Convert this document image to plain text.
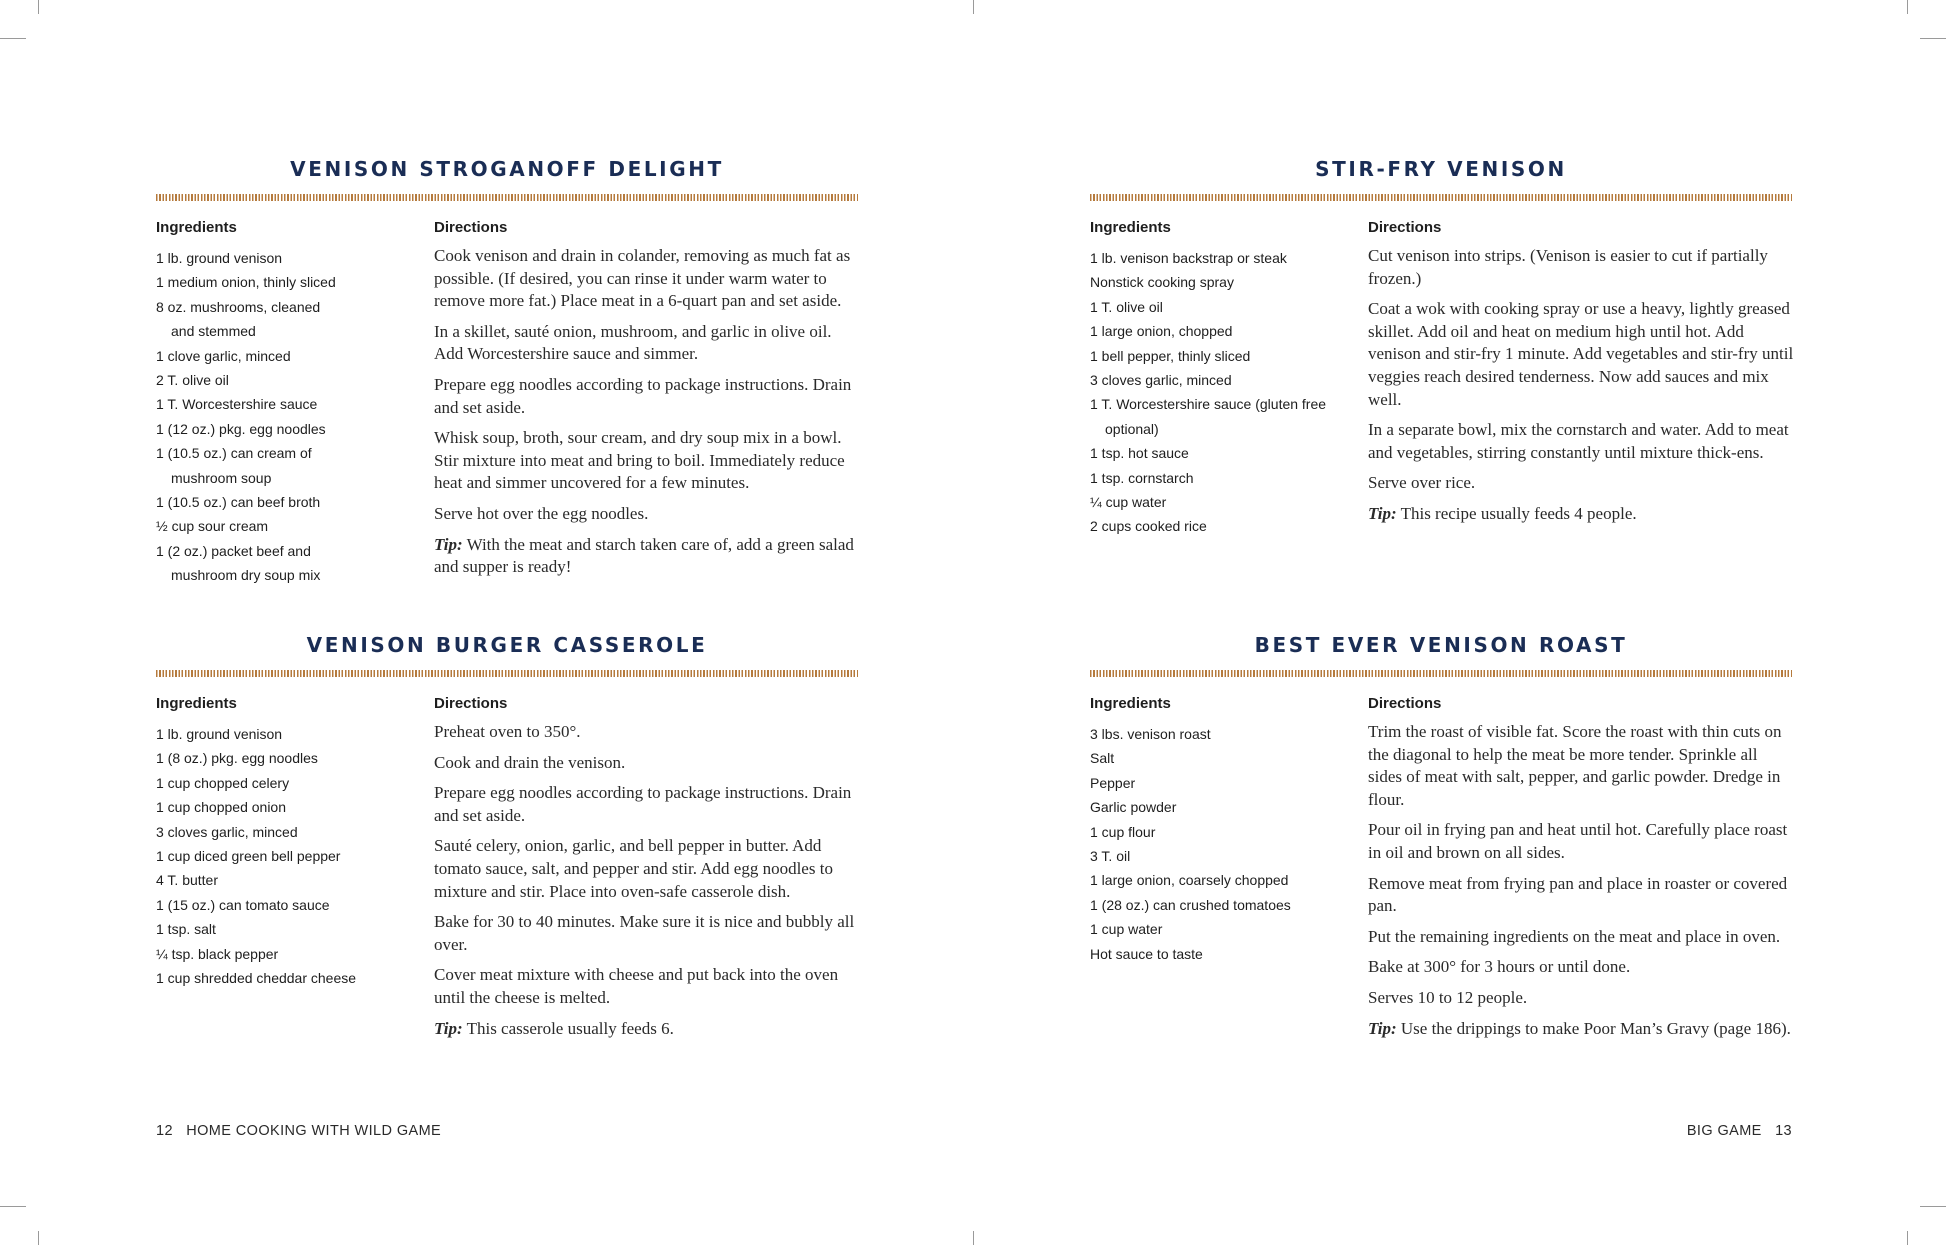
VENISON STROGANOFF DELIGHT
Ingredients
1 lb. ground venison
1 medium onion, thinly sliced
8 oz. mushrooms, cleaned
and stemmed
1 clove garlic, minced
2 T. olive oil
1 T. Worcestershire sauce
1 (12 oz.) pkg. egg noodles
1 (10.5 oz.) can cream of
mushroom soup
1 (10.5 oz.) can beef broth
½ cup sour cream
1 (2 oz.) packet beef and
mushroom dry soup mix
Directions

Cook venison and drain in colander, removing as much fat as possible. (If desired, you can rinse it under warm water to remove more fat.) Place meat in a 6-quart pan and set aside.

In a skillet, sauté onion, mushroom, and garlic in olive oil. Add Worcestershire sauce and simmer.

Prepare egg noodles according to package instructions. Drain and set aside.

Whisk soup, broth, sour cream, and dry soup mix in a bowl. Stir mixture into meat and bring to boil. Immediately reduce heat and simmer uncovered for a few minutes.

Serve hot over the egg noodles.

Tip: With the meat and starch taken care of, add a green salad and supper is ready!

STIR-FRY VENISON
Ingredients
1 lb. venison backstrap or steak
Nonstick cooking spray
1 T. olive oil
1 large onion, chopped
1 bell pepper, thinly sliced
3 cloves garlic, minced
1 T. Worcestershire sauce (gluten free
optional)
1 tsp. hot sauce
1 tsp. cornstarch
¼ cup water
2 cups cooked rice
Directions

Cut venison into strips. (Venison is easier to cut if partially frozen.)

Coat a wok with cooking spray or use a heavy, lightly greased skillet. Add oil and heat on medium high until hot. Add venison and stir-fry 1 minute. Add vegetables and stir-fry until veggies reach desired tenderness. Now add sauces and mix well.

In a separate bowl, mix the cornstarch and water. Add to meat and vegetables, stirring constantly until mixture thick-ens.

Serve over rice.

Tip: This recipe usually feeds 4 people.

VENISON BURGER CASSEROLE
Ingredients
1 lb. ground venison
1 (8 oz.) pkg. egg noodles
1 cup chopped celery
1 cup chopped onion
3 cloves garlic, minced
1 cup diced green bell pepper
4 T. butter
1 (15 oz.) can tomato sauce
1 tsp. salt
¼ tsp. black pepper
1 cup shredded cheddar cheese
Directions

Preheat oven to 350°.

Cook and drain the venison.

Prepare egg noodles according to package instructions. Drain and set aside.

Sauté celery, onion, garlic, and bell pepper in butter. Add tomato sauce, salt, and pepper and stir. Add egg noodles to mixture and stir. Place into oven-safe casserole dish.

Bake for 30 to 40 minutes. Make sure it is nice and bubbly all over.

Cover meat mixture with cheese and put back into the oven until the cheese is melted.

Tip: This casserole usually feeds 6.

BEST EVER VENISON ROAST
Ingredients
3 lbs. venison roast
Salt
Pepper
Garlic powder
1 cup flour
3 T. oil
1 large onion, coarsely chopped
1 (28 oz.) can crushed tomatoes
1 cup water
Hot sauce to taste
Directions

Trim the roast of visible fat. Score the roast with thin cuts on the diagonal to help the meat be more tender. Sprinkle all sides of meat with salt, pepper, and garlic powder. Dredge in flour.

Pour oil in frying pan and heat until hot. Carefully place roast in oil and brown on all sides.

Remove meat from frying pan and place in roaster or covered pan.

Put the remaining ingredients on the meat and place in oven.

Bake at 300° for 3 hours or until done.

Serves 10 to 12 people.

Tip: Use the drippings to make Poor Man’s Gravy (page 186).

12 HOME COOKING WITH WILD GAME	BIG GAME 13
